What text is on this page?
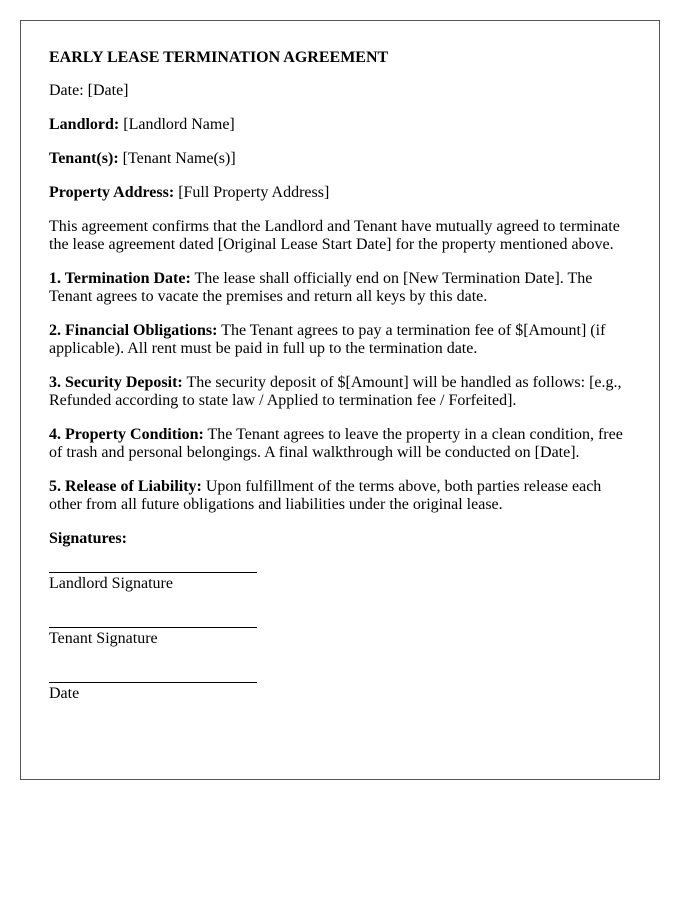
EARLY LEASE TERMINATION AGREEMENT
Date: [Date]
Landlord: [Landlord Name]
Tenant(s): [Tenant Name(s)]
Property Address: [Full Property Address]
This agreement confirms that the Landlord and Tenant have mutually agreed to terminate the lease agreement dated [Original Lease Start Date] for the property mentioned above.
1. Termination Date: The lease shall officially end on [New Termination Date]. The Tenant agrees to vacate the premises and return all keys by this date.
2. Financial Obligations: The Tenant agrees to pay a termination fee of $[Amount] (if applicable). All rent must be paid in full up to the termination date.
3. Security Deposit: The security deposit of $[Amount] will be handled as follows: [e.g., Refunded according to state law / Applied to termination fee / Forfeited].
4. Property Condition: The Tenant agrees to leave the property in a clean condition, free of trash and personal belongings. A final walkthrough will be conducted on [Date].
5. Release of Liability: Upon fulfillment of the terms above, both parties release each other from all future obligations and liabilities under the original lease.
Signatures:
Landlord Signature
Tenant Signature
Date
